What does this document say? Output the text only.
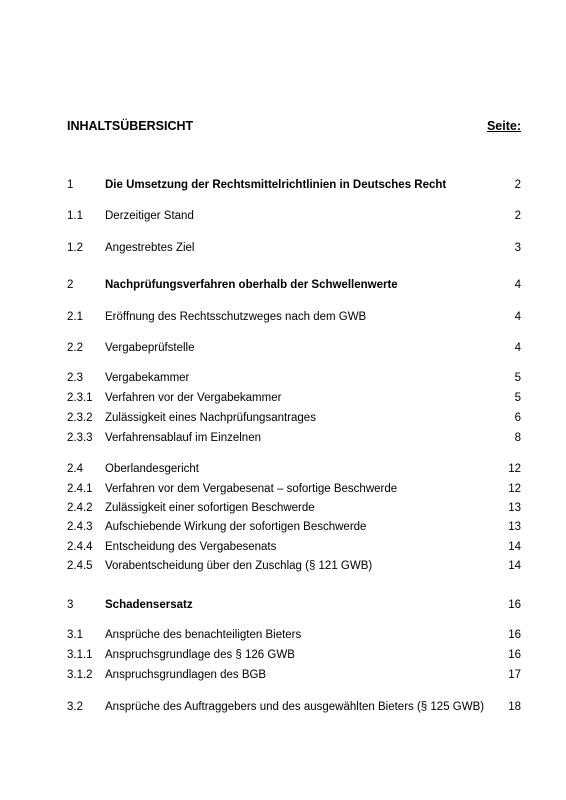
INHALTSÜBERSICHT	Seite:
1	Die Umsetzung der Rechtsmittelrichtlinien in Deutsches Recht	2
1.1 Derzeitiger Stand	2
1.2 Angestrebtes Ziel	3
2	Nachprüfungsverfahren oberhalb der Schwellenwerte	4
2.1 Eröffnung des Rechtsschutzweges nach dem GWB	4
2.2 Vergabeprüfstelle	4
2.3 Vergabekammer	5
2.3.1 Verfahren vor der Vergabekammer	5
2.3.2 Zulässigkeit eines Nachprüfungsantrages	6
2.3.3 Verfahrensablauf im Einzelnen	8
2.4 Oberlandesgericht	12
2.4.1 Verfahren vor dem Vergabesenat – sofortige Beschwerde	12
2.4.2 Zulässigkeit einer sofortigen Beschwerde	13
2.4.3 Aufschiebende Wirkung der sofortigen Beschwerde	13
2.4.4 Entscheidung des Vergabesenats	14
2.4.5 Vorabentscheidung über den Zuschlag (§ 121 GWB)	14
3	Schadensersatz	16
3.1 Ansprüche des benachteiligten Bieters	16
3.1.1 Anspruchsgrundlage des § 126 GWB	16
3.1.2 Anspruchsgrundlagen des BGB	17
3.2 Ansprüche des Auftraggebers und des ausgewählten Bieters (§ 125 GWB) 18
